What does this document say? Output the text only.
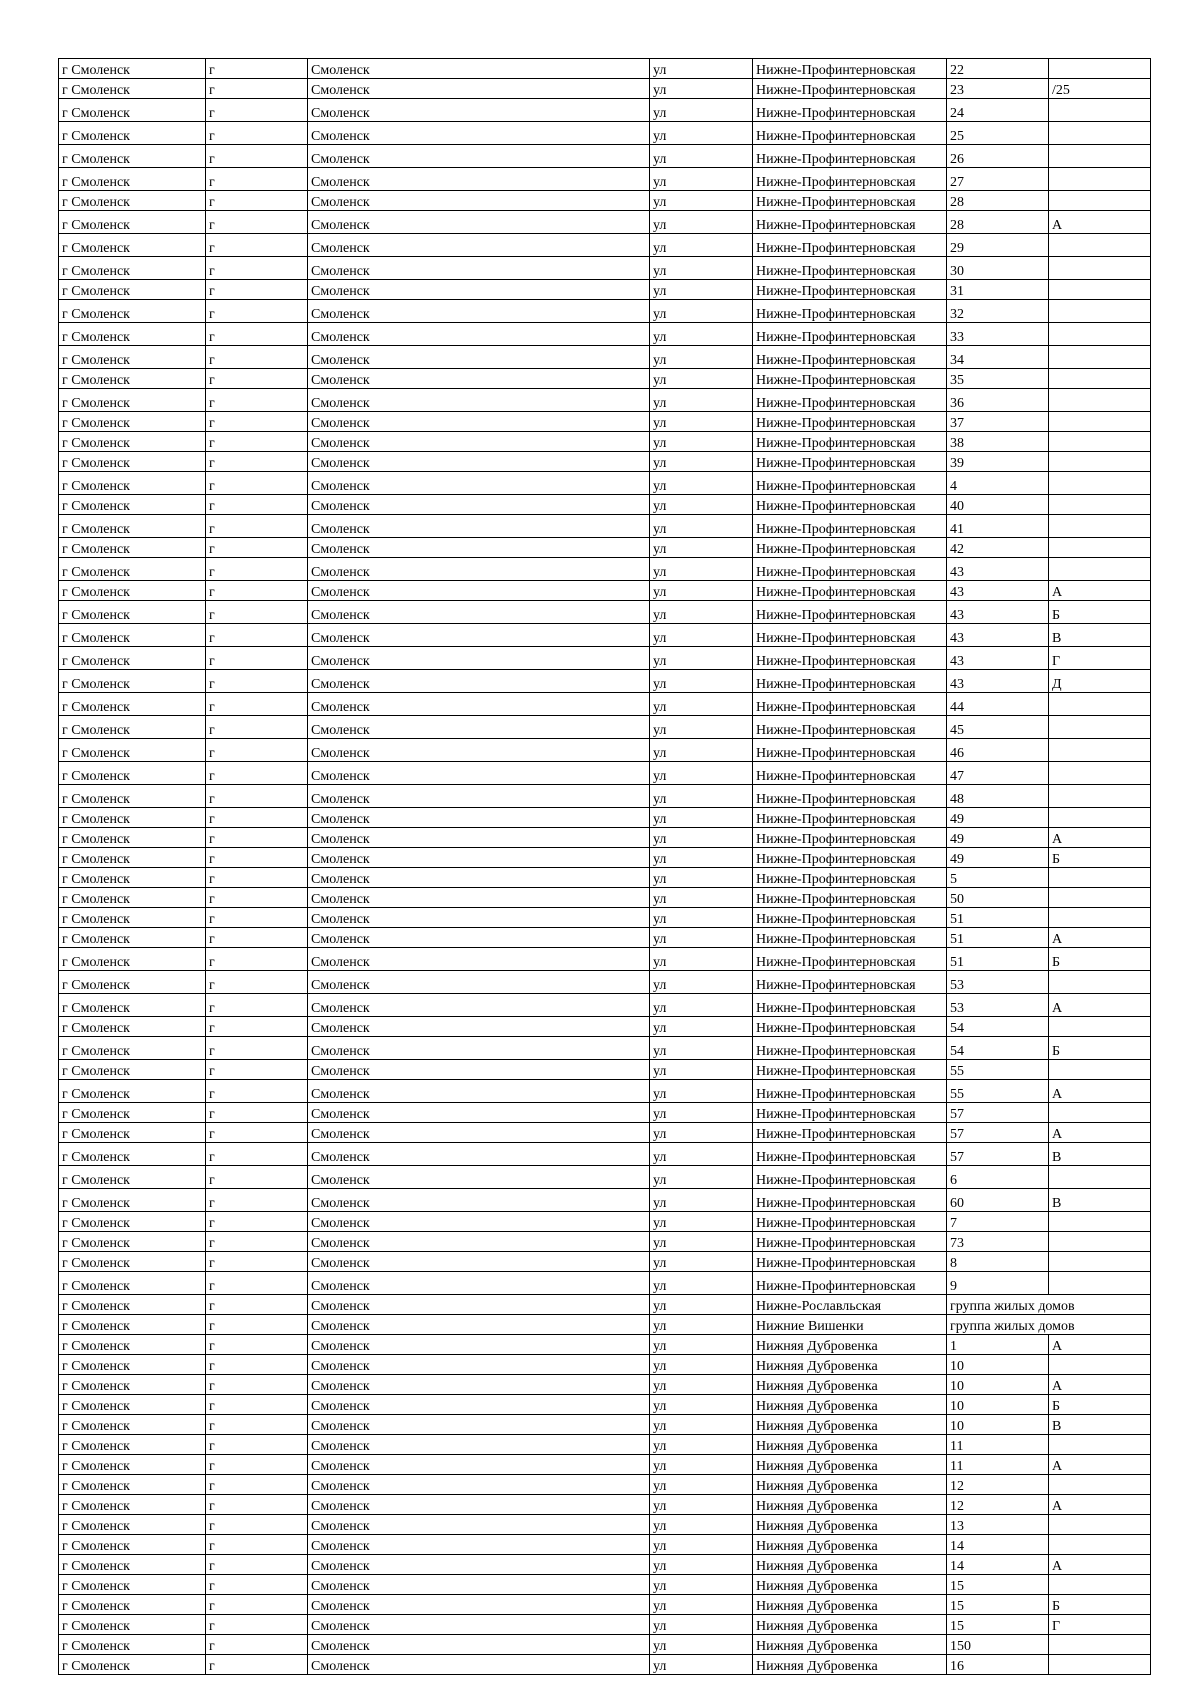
г Смоленск	г	Смоленск	ул	Нижне-Профинтерновская	22	
г Смоленск	г	Смоленск	ул	Нижне-Профинтерновская	23	/25
г Смоленск	г	Смоленск	ул	Нижне-Профинтерновская	24	
г Смоленск	г	Смоленск	ул	Нижне-Профинтерновская	25	
г Смоленск	г	Смоленск	ул	Нижне-Профинтерновская	26	
г Смоленск	г	Смоленск	ул	Нижне-Профинтерновская	27	
г Смоленск	г	Смоленск	ул	Нижне-Профинтерновская	28	
г Смоленск	г	Смоленск	ул	Нижне-Профинтерновская	28	А
г Смоленск	г	Смоленск	ул	Нижне-Профинтерновская	29	
г Смоленск	г	Смоленск	ул	Нижне-Профинтерновская	30	
г Смоленск	г	Смоленск	ул	Нижне-Профинтерновская	31	
г Смоленск	г	Смоленск	ул	Нижне-Профинтерновская	32	
г Смоленск	г	Смоленск	ул	Нижне-Профинтерновская	33	
г Смоленск	г	Смоленск	ул	Нижне-Профинтерновская	34	
г Смоленск	г	Смоленск	ул	Нижне-Профинтерновская	35	
г Смоленск	г	Смоленск	ул	Нижне-Профинтерновская	36	
г Смоленск	г	Смоленск	ул	Нижне-Профинтерновская	37	
г Смоленск	г	Смоленск	ул	Нижне-Профинтерновская	38	
г Смоленск	г	Смоленск	ул	Нижне-Профинтерновская	39	
г Смоленск	г	Смоленск	ул	Нижне-Профинтерновская	4	
г Смоленск	г	Смоленск	ул	Нижне-Профинтерновская	40	
г Смоленск	г	Смоленск	ул	Нижне-Профинтерновская	41	
г Смоленск	г	Смоленск	ул	Нижне-Профинтерновская	42	
г Смоленск	г	Смоленск	ул	Нижне-Профинтерновская	43	
г Смоленск	г	Смоленск	ул	Нижне-Профинтерновская	43	А
г Смоленск	г	Смоленск	ул	Нижне-Профинтерновская	43	Б
г Смоленск	г	Смоленск	ул	Нижне-Профинтерновская	43	В
г Смоленск	г	Смоленск	ул	Нижне-Профинтерновская	43	Г
г Смоленск	г	Смоленск	ул	Нижне-Профинтерновская	43	Д
г Смоленск	г	Смоленск	ул	Нижне-Профинтерновская	44	
г Смоленск	г	Смоленск	ул	Нижне-Профинтерновская	45	
г Смоленск	г	Смоленск	ул	Нижне-Профинтерновская	46	
г Смоленск	г	Смоленск	ул	Нижне-Профинтерновская	47	
г Смоленск	г	Смоленск	ул	Нижне-Профинтерновская	48	
г Смоленск	г	Смоленск	ул	Нижне-Профинтерновская	49	
г Смоленск	г	Смоленск	ул	Нижне-Профинтерновская	49	А
г Смоленск	г	Смоленск	ул	Нижне-Профинтерновская	49	Б
г Смоленск	г	Смоленск	ул	Нижне-Профинтерновская	5	
г Смоленск	г	Смоленск	ул	Нижне-Профинтерновская	50	
г Смоленск	г	Смоленск	ул	Нижне-Профинтерновская	51	
г Смоленск	г	Смоленск	ул	Нижне-Профинтерновская	51	А
г Смоленск	г	Смоленск	ул	Нижне-Профинтерновская	51	Б
г Смоленск	г	Смоленск	ул	Нижне-Профинтерновская	53	
г Смоленск	г	Смоленск	ул	Нижне-Профинтерновская	53	А
г Смоленск	г	Смоленск	ул	Нижне-Профинтерновская	54	
г Смоленск	г	Смоленск	ул	Нижне-Профинтерновская	54	Б
г Смоленск	г	Смоленск	ул	Нижне-Профинтерновская	55	
г Смоленск	г	Смоленск	ул	Нижне-Профинтерновская	55	А
г Смоленск	г	Смоленск	ул	Нижне-Профинтерновская	57	
г Смоленск	г	Смоленск	ул	Нижне-Профинтерновская	57	А
г Смоленск	г	Смоленск	ул	Нижне-Профинтерновская	57	В
г Смоленск	г	Смоленск	ул	Нижне-Профинтерновская	6	
г Смоленск	г	Смоленск	ул	Нижне-Профинтерновская	60	В
г Смоленск	г	Смоленск	ул	Нижне-Профинтерновская	7	
г Смоленск	г	Смоленск	ул	Нижне-Профинтерновская	73	
г Смоленск	г	Смоленск	ул	Нижне-Профинтерновская	8	
г Смоленск	г	Смоленск	ул	Нижне-Профинтерновская	9	
г Смоленск	г	Смоленск	ул	Нижне-Рославльская	группа жилых домов	
г Смоленск	г	Смоленск	ул	Нижние Вишенки	группа жилых домов	
г Смоленск	г	Смоленск	ул	Нижняя Дубровенка	1	А
г Смоленск	г	Смоленск	ул	Нижняя Дубровенка	10	
г Смоленск	г	Смоленск	ул	Нижняя Дубровенка	10	А
г Смоленск	г	Смоленск	ул	Нижняя Дубровенка	10	Б
г Смоленск	г	Смоленск	ул	Нижняя Дубровенка	10	В
г Смоленск	г	Смоленск	ул	Нижняя Дубровенка	11	
г Смоленск	г	Смоленск	ул	Нижняя Дубровенка	11	А
г Смоленск	г	Смоленск	ул	Нижняя Дубровенка	12	
г Смоленск	г	Смоленск	ул	Нижняя Дубровенка	12	А
г Смоленск	г	Смоленск	ул	Нижняя Дубровенка	13	
г Смоленск	г	Смоленск	ул	Нижняя Дубровенка	14	
г Смоленск	г	Смоленск	ул	Нижняя Дубровенка	14	А
г Смоленск	г	Смоленск	ул	Нижняя Дубровенка	15	
г Смоленск	г	Смоленск	ул	Нижняя Дубровенка	15	Б
г Смоленск	г	Смоленск	ул	Нижняя Дубровенка	15	Г
г Смоленск	г	Смоленск	ул	Нижняя Дубровенка	150	
г Смоленск	г	Смоленск	ул	Нижняя Дубровенка	16	
